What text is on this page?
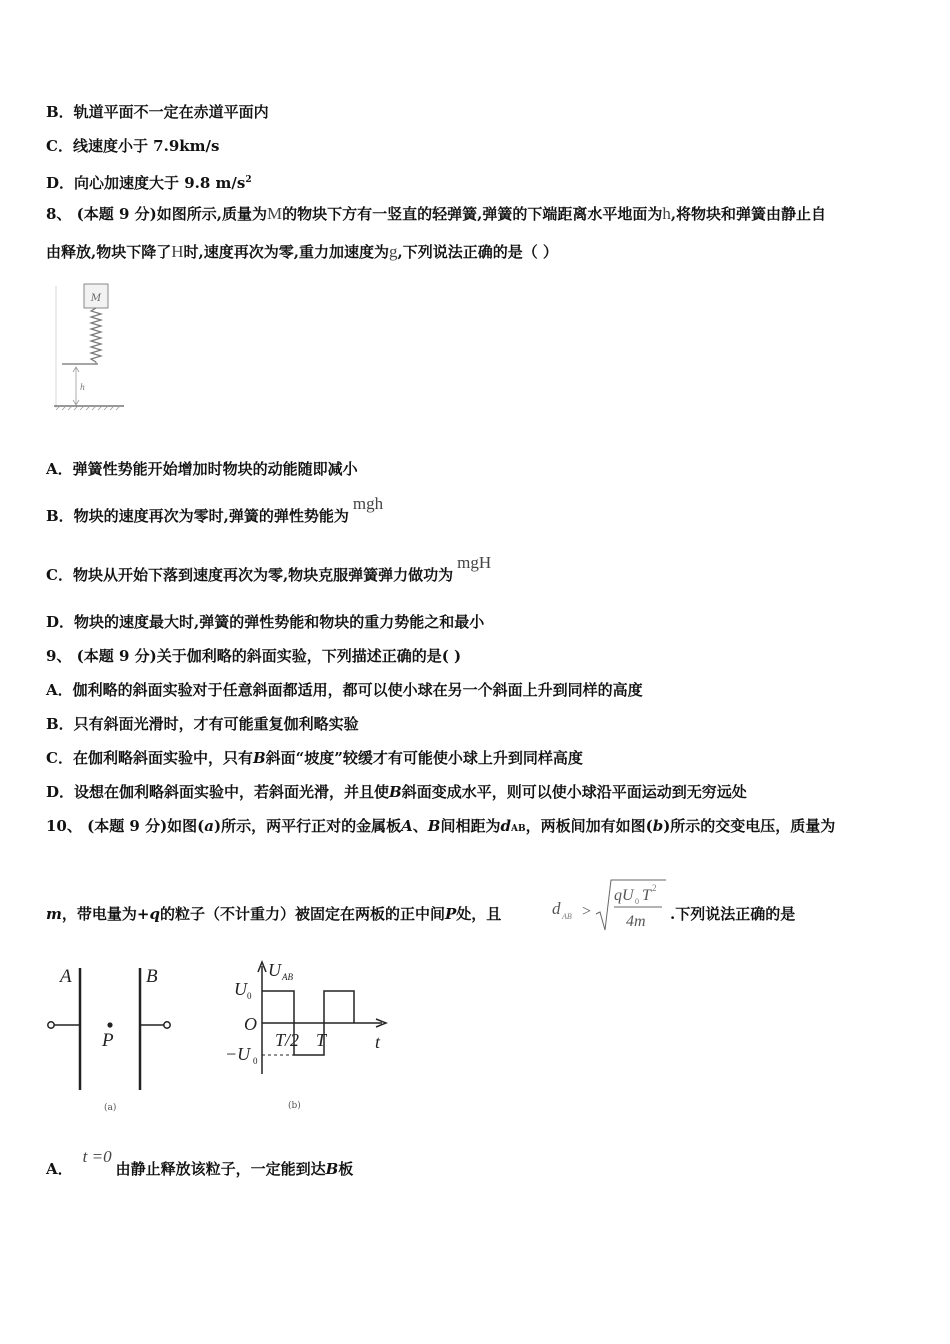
B．轨道平面不一定在赤道平面内
C．线速度小于 7.9km/s
D．向心加速度大于 9.8 $m/s^2$
8、 (本题 9 分)如图所示,质量为M的物块下方有一竖直的轻弹簧,弹簧的下端距离水平地面为h,将物块和弹簧由静止自
由释放,物块下降了H时,速度再次为零,重力加速度为g,下列说法正确的是（ ）
M
h
A．弹簧性势能开始增加时物块的动能随即减小
B．物块的速度再次为零时,弹簧的弹性势能为mgh
C．物块从开始下落到速度再次为零,物块克服弹簧弹力做功为mgH
D．物块的速度最大时,弹簧的弹性势能和物块的重力势能之和最小
9、 (本题 9 分)关于伽利略的斜面实验，下列描述正确的是( )
A．伽利略的斜面实验对于任意斜面都适用，都可以使小球在另一个斜面上升到同样的高度
B．只有斜面光滑时，才有可能重复伽利略实验
C．在伽利略斜面实验中，只有B斜面“坡度”较缓才有可能使小球上升到同样高度
D．设想在伽利略斜面实验中，若斜面光滑，并且使B斜面变成水平，则可以使小球沿平面运动到无穷远处
10、 (本题 9 分)如图(a)所示，两平行正对的金属板A、B间相距为dAB，两板间加有如图(b)所示的交变电压，质量为
m，带电量为+q的粒子（不计重力）被固定在两板的正中间P处，且	d AB >
qU 0 T 2
4m .下列说法正确的是
A	B
P
(a)
U AB
t
U 0
O
−U 0
T/2 T
(b)
A．t =0由静止释放该粒子，一定能到达B板
